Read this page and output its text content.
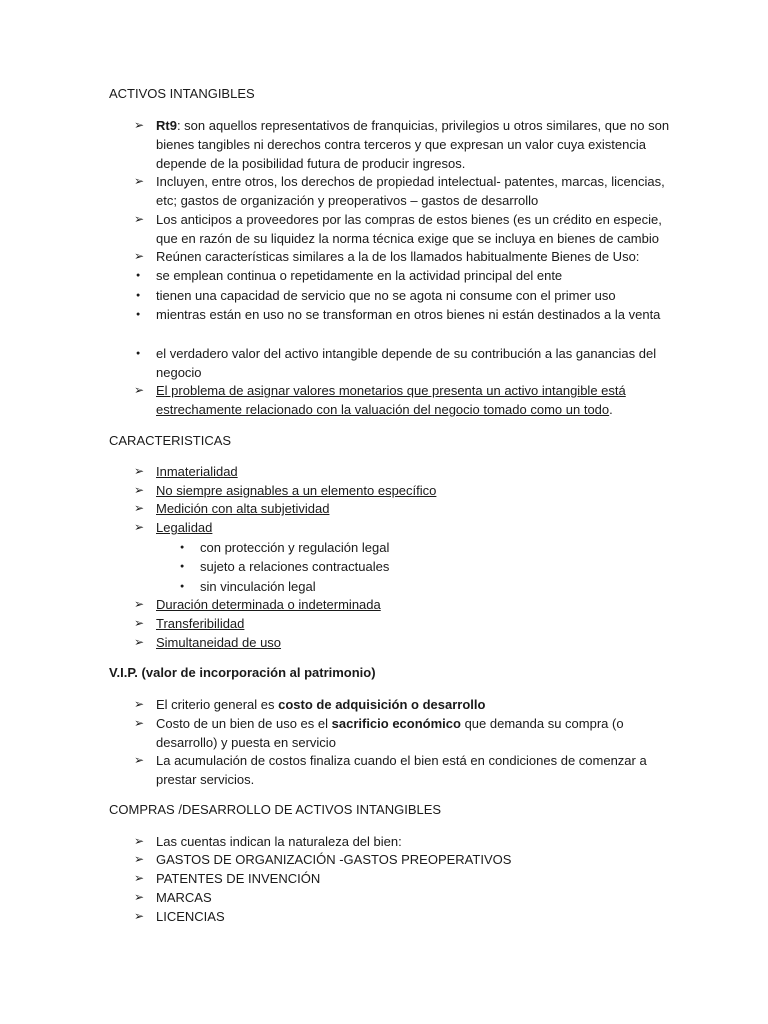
ACTIVOS INTANGIBLES
➢
Rt9: son aquellos representativos de franquicias, privilegios u otros similares, que no son bienes tangibles ni derechos contra terceros y que expresan un valor cuya existencia depende de la posibilidad futura de producir ingresos.
➢
Incluyen, entre otros, los derechos de propiedad intelectual- patentes, marcas, licencias, etc; gastos de organización y preoperativos – gastos de desarrollo
➢
Los anticipos a proveedores por las compras de estos bienes (es un crédito en especie, que en razón de su liquidez la norma técnica exige que se incluya en bienes de cambio
➢
Reúnen características similares a la de los llamados habitualmente Bienes de Uso:
●
se emplean continua o repetidamente en la actividad principal del ente
●
tienen una capacidad de servicio que no se agota ni consume con el primer uso
●
mientras están en uso no se transforman en otros bienes ni están destinados a la venta
●
el verdadero valor del activo intangible depende de su contribución a las ganancias del negocio
➢
El problema de asignar valores monetarios que presenta un activo intangible está estrechamente relacionado con la valuación del negocio tomado como un todo.
CARACTERISTICAS
➢
Inmaterialidad
➢
No siempre asignables a un elemento específico
➢
Medición con alta subjetividad
➢
Legalidad
●
con protección y regulación legal
●
sujeto a relaciones contractuales
●
sin vinculación legal
➢
Duración determinada o indeterminada
➢
Transferibilidad
➢
Simultaneidad de uso
V.I.P. (valor de incorporación al patrimonio)
➢
El criterio general es costo de adquisición o desarrollo
➢
Costo de un bien de uso es el sacrificio económico que demanda su compra (o desarrollo) y puesta en servicio
➢
La acumulación de costos finaliza cuando el bien está en condiciones de comenzar a prestar servicios.
COMPRAS /DESARROLLO DE ACTIVOS INTANGIBLES
➢
Las cuentas indican la naturaleza del bien:
➢
GASTOS DE ORGANIZACIÓN -GASTOS PREOPERATIVOS
➢
PATENTES DE INVENCIÓN
➢
MARCAS
➢
LICENCIAS
